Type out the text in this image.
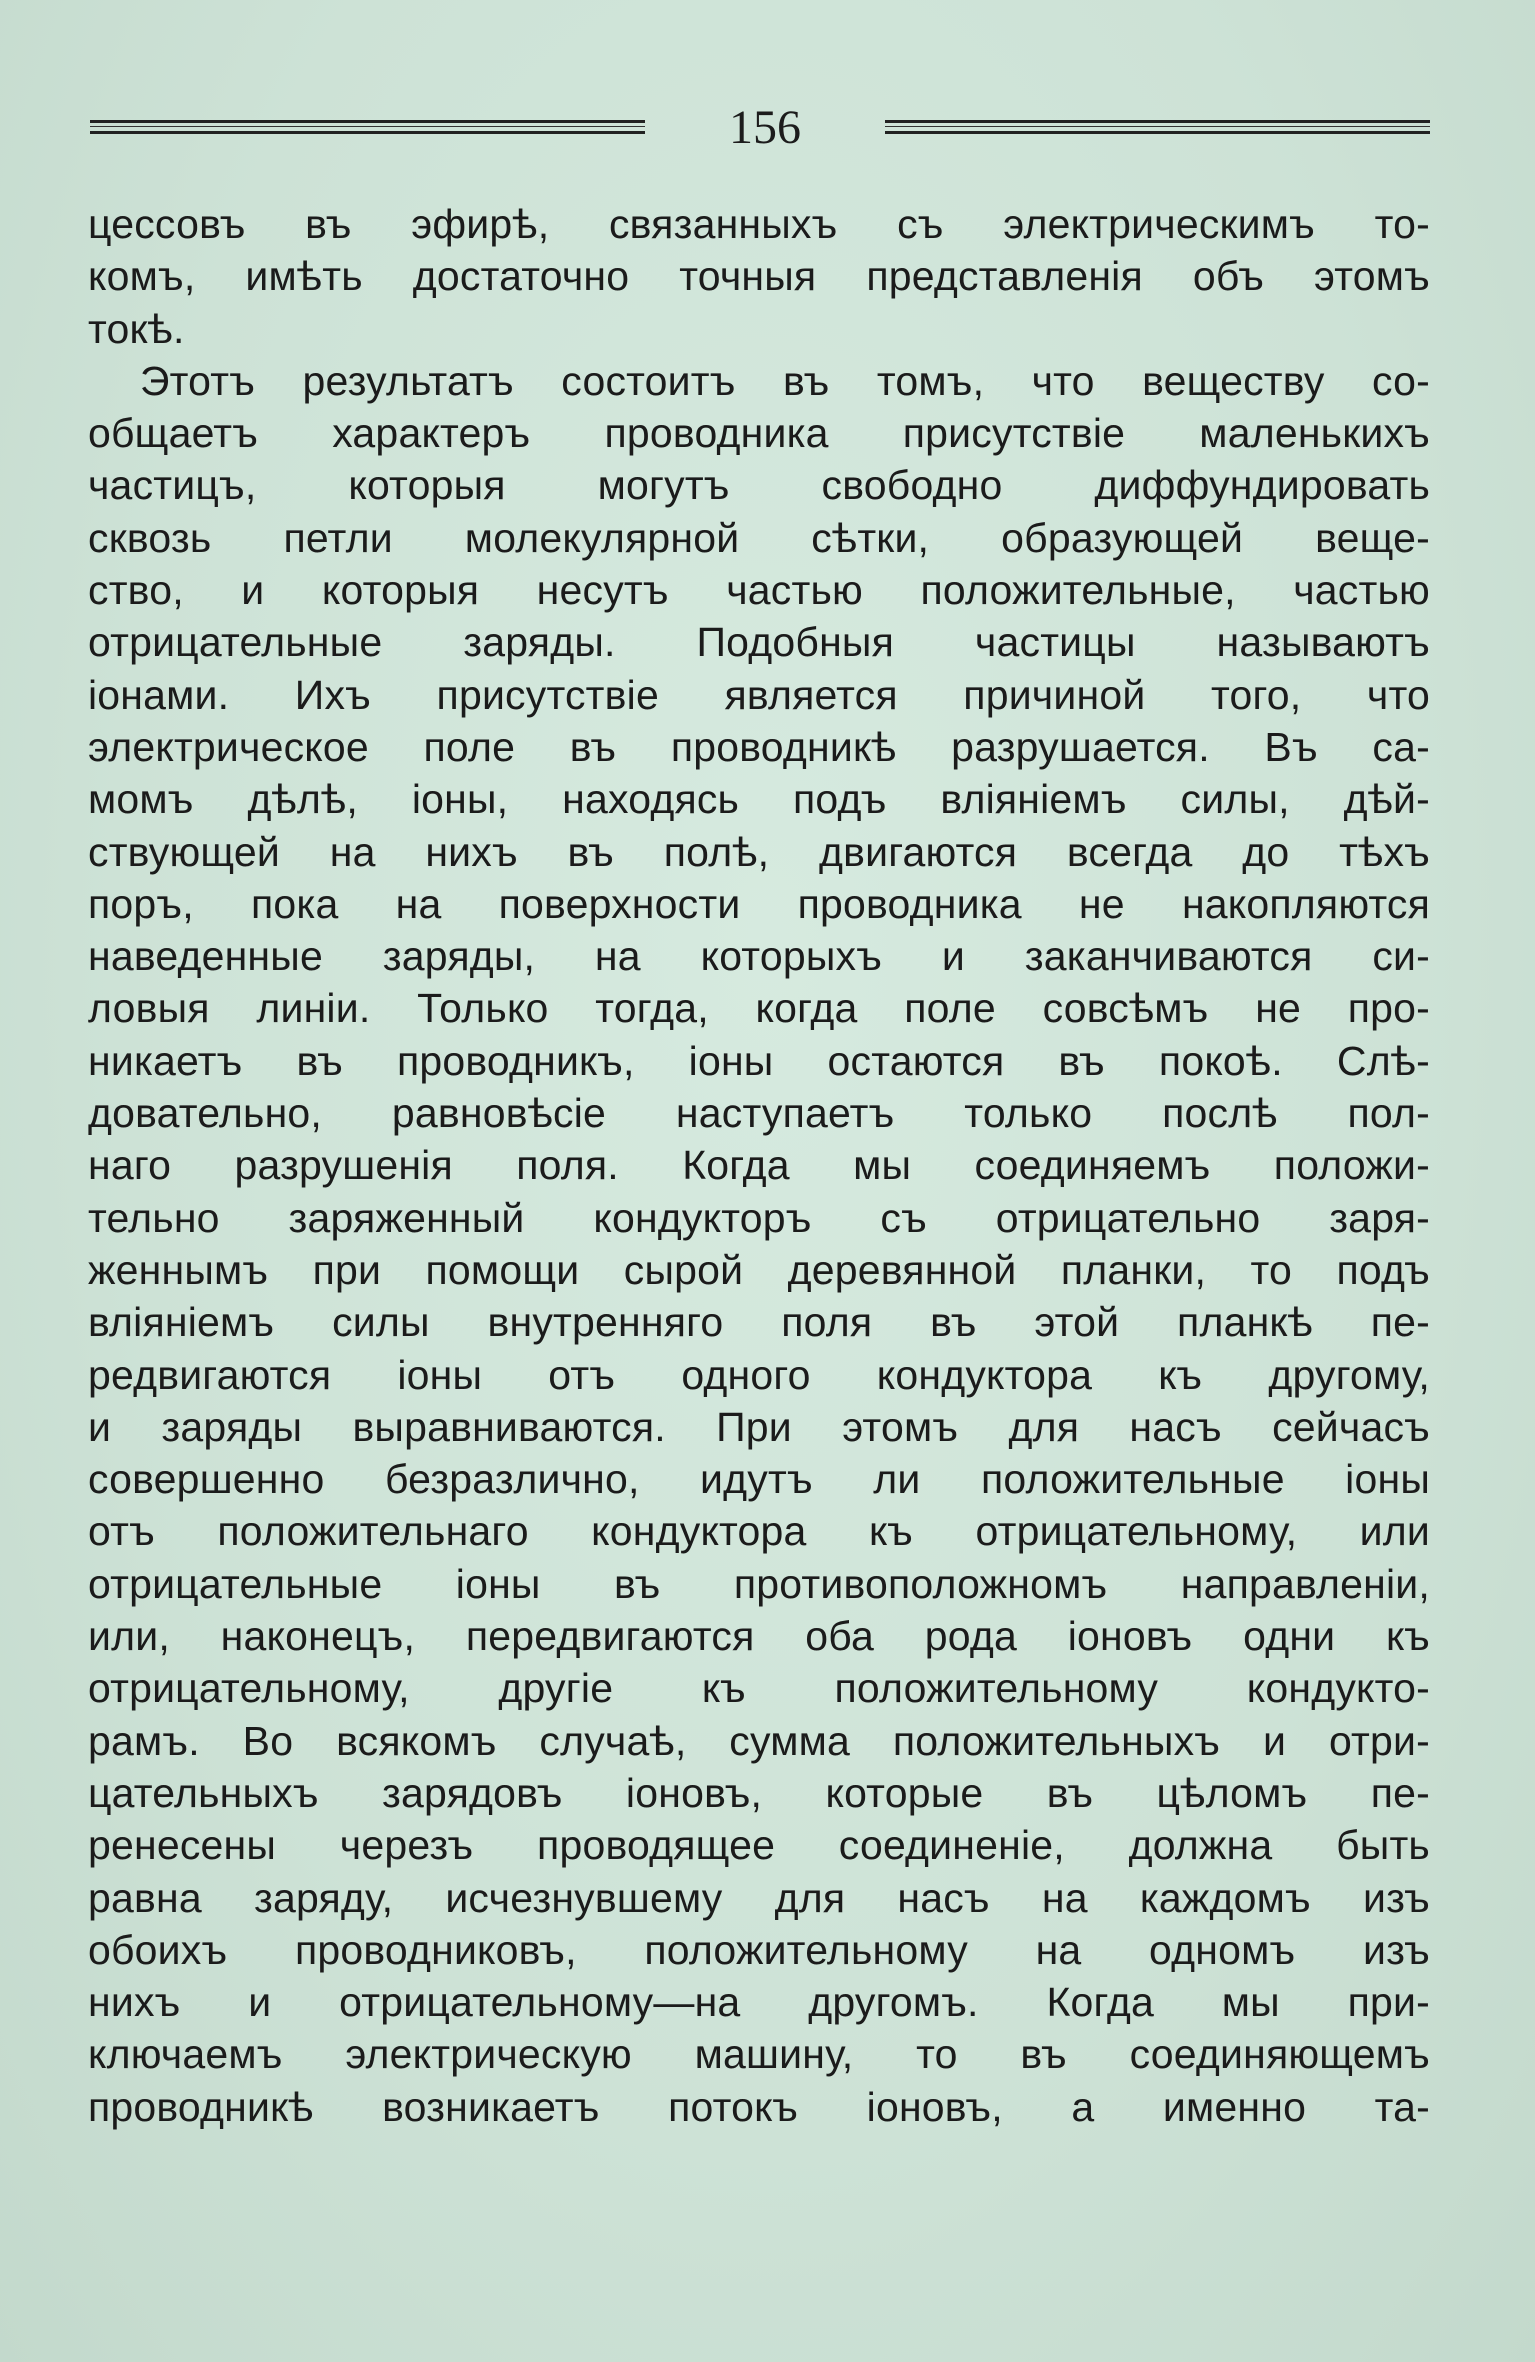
156
цессовъ въ эфирѣ, связанныхъ съ электрическимъ то-
комъ, имѣть достаточно точныя представленія объ этомъ
токѣ.
Этотъ результатъ состоитъ въ томъ, что веществу со-
общаетъ характеръ проводника присутствіе маленькихъ
частицъ, которыя могутъ свободно диффундировать
сквозь петли молекулярной сѣтки, образующей веще-
ство, и которыя несутъ частью положительные, частью
отрицательные заряды. Подобныя частицы называютъ
іонами. Ихъ присутствіе является причиной того, что
электрическое поле въ проводникѣ разрушается. Въ са-
момъ дѣлѣ, іоны, находясь подъ вліяніемъ силы, дѣй-
ствующей на нихъ въ полѣ, двигаются всегда до тѣхъ
поръ, пока на поверхности проводника не накопляются
наведенные заряды, на которыхъ и заканчиваются си-
ловыя линіи. Только тогда, когда поле совсѣмъ не про-
никаетъ въ проводникъ, іоны остаются въ покоѣ. Слѣ-
довательно, равновѣсіе наступаетъ только послѣ пол-
наго разрушенія поля. Когда мы соединяемъ положи-
тельно заряженный кондукторъ съ отрицательно заря-
женнымъ при помощи сырой деревянной планки, то подъ
вліяніемъ силы внутренняго поля въ этой планкѣ пе-
редвигаются іоны отъ одного кондуктора къ другому,
и заряды выравниваются. При этомъ для насъ сейчасъ
совершенно безразлично, идутъ ли положительные іоны
отъ положительнаго кондуктора къ отрицательному, или
отрицательные іоны въ противоположномъ направленіи,
или, наконецъ, передвигаются оба рода іоновъ одни къ
отрицательному, другіе къ положительному кондукто-
рамъ. Во всякомъ случаѣ, сумма положительныхъ и отри-
цательныхъ зарядовъ іоновъ, которые въ цѣломъ пе-
ренесены черезъ проводящее соединеніе, должна быть
равна заряду, исчезнувшему для насъ на каждомъ изъ
обоихъ проводниковъ, положительному на одномъ изъ
нихъ и отрицательному—на другомъ. Когда мы при-
ключаемъ электрическую машину, то въ соединяющемъ
проводникѣ возникаетъ потокъ іоновъ, а именно та-
